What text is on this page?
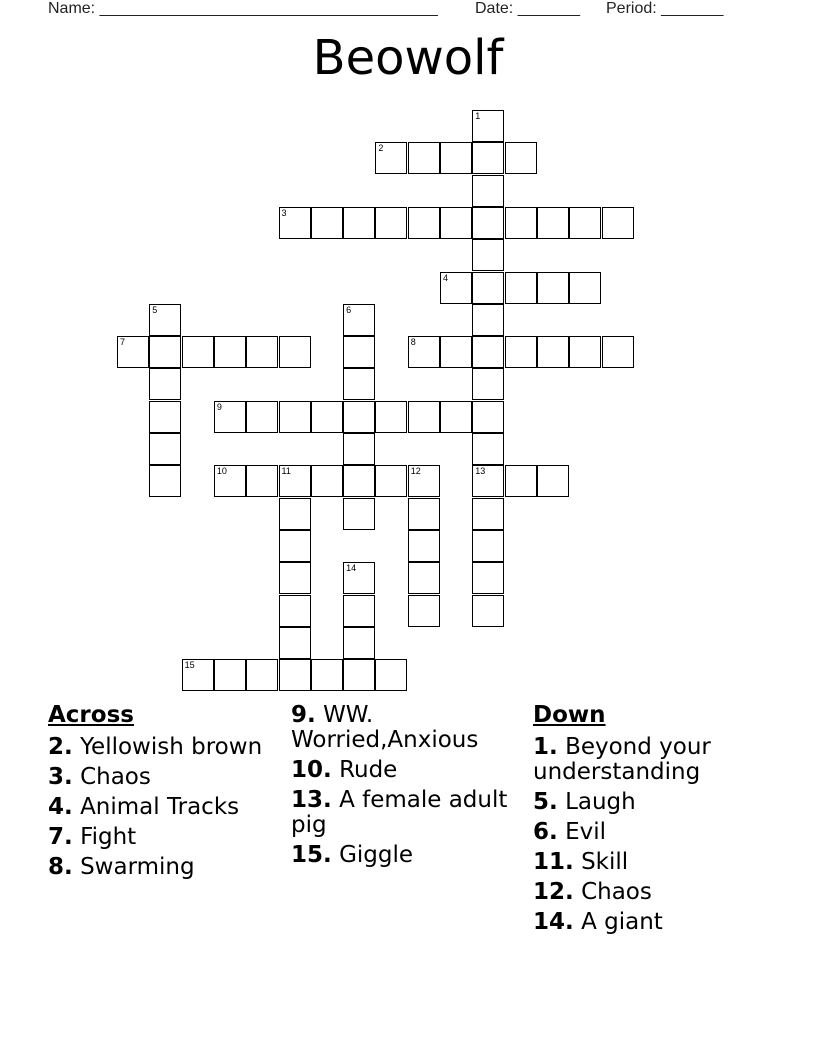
Name: ______________________________________ Date: _______ Period: _______
Beowolf
1
13
2
3
4
5	6
7	8
9
10	11	12
14
15
Across
2. Yellowish brown
3. Chaos
4. Animal Tracks
7. Fight
8. Swarming
9. WW. Worried,Anxious
10. Rude
13. A female adult pig
15. Giggle
Down
1. Beyond your understanding
5. Laugh
6. Evil
11. Skill
12. Chaos
14. A giant
